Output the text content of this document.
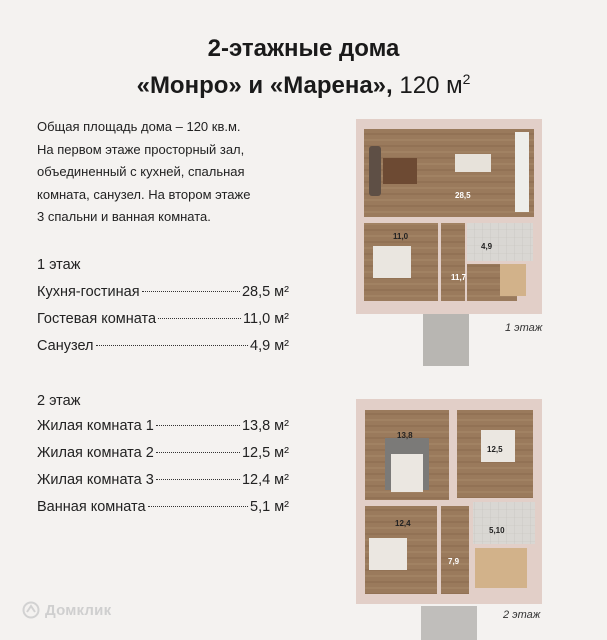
2-этажные дома
«Монро» и «Марена», 120 $м^2$
Общая площадь дома – 120 кв.м.
На первом этаже просторный зал,
объединенный с кухней, спальная
комната, санузел. На втором этаже
3 спальни и ванная комната.
1 этаж
Кухня-гостиная	28,5 м²
Гостевая комната	11,0 м²
Санузел	4,9 м²
2 этаж
Жилая комната 1	13,8 м²
Жилая комната 2	12,5 м²
Жилая комната 3	12,4 м²
Ванная комната	5,1 м²
28,5
11,0
4,9
11,7
1 этаж
13,8
12,5
12,4
5,10
7,9
2 этаж
Домклик
